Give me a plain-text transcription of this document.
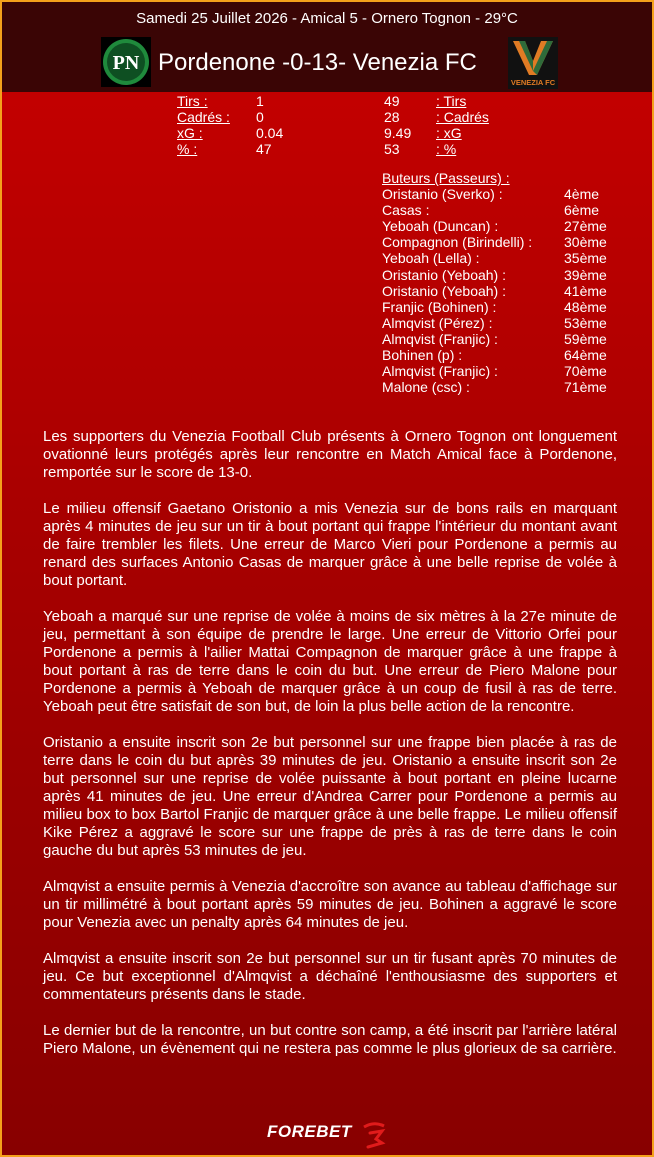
Samedi 25 Juillet 2026 - Amical 5 - Ornero Tognon - 29°C
PN Pordenone -0-13- Venezia FC
VENEZIA FC
Tirs :	1	49	: Tirs
Cadrés : 0	28	: Cadrés
xG :	0.04	9.49 : xG
% :	47	53	: %
Buteurs (Passeurs) :
Oristanio (Sverko) :	4ème
Casas :	6ème
Yeboah (Duncan) :	27ème
Compagnon (Birindelli) :	30ème
Yeboah (Lella) :	35ème
Oristanio (Yeboah) :	39ème
Oristanio (Yeboah) :	41ème
Franjic (Bohinen) :	48ème
Almqvist (Pérez) :	53ème
Almqvist (Franjic) :	59ème
Bohinen (p) :	64ème
Almqvist (Franjic) :	70ème
Malone (csc) :	71ème

Les supporters du Venezia Football Club présents à Ornero Tognon ont longuement ovationné leurs protégés après leur rencontre en Match Amical face à Pordenone, remportée sur le score de 13-0.

Le milieu offensif Gaetano Oristonio a mis Venezia sur de bons rails en marquant après 4 minutes de jeu sur un tir à bout portant qui frappe l'intérieur du montant avant de faire trembler les filets. Une erreur de Marco Vieri pour Pordenone a permis au renard des surfaces Antonio Casas de marquer grâce à une belle reprise de volée à bout portant.

Yeboah a marqué sur une reprise de volée à moins de six mètres à la 27e minute de jeu, permettant à son équipe de prendre le large. Une erreur de Vittorio Orfei pour Pordenone a permis à l'ailier Mattai Compagnon de marquer grâce à une frappe à bout portant à ras de terre dans le coin du but. Une erreur de Piero Malone pour Pordenone a permis à Yeboah de marquer grâce à un coup de fusil à ras de terre. Yeboah peut être satisfait de son but, de loin la plus belle action de la rencontre.

Oristanio a ensuite inscrit son 2e but personnel sur une frappe bien placée à ras de terre dans le coin du but après 39 minutes de jeu. Oristanio a ensuite inscrit son 2e but personnel sur une reprise de volée puissante à bout portant en pleine lucarne après 41 minutes de jeu. Une erreur d'Andrea Carrer pour Pordenone a permis au milieu box to box Bartol Franjic de marquer grâce à une belle frappe. Le milieu offensif Kike Pérez a aggravé le score sur une frappe de près à ras de terre dans le coin gauche du but après 53 minutes de jeu.

Almqvist a ensuite permis à Venezia d'accroître son avance au tableau d'affichage sur un tir millimétré à bout portant après 59 minutes de jeu. Bohinen a aggravé le score pour Venezia avec un penalty après 64 minutes de jeu.

Almqvist a ensuite inscrit son 2e but personnel sur un tir fusant après 70 minutes de jeu. Ce but exceptionnel d'Almqvist a déchaîné l'enthousiasme des supporters et commentateurs présents dans le stade.

Le dernier but de la rencontre, un but contre son camp, a été inscrit par l'arrière latéral Piero Malone, un évènement qui ne restera pas comme le plus glorieux de sa carrière.

FOREBET
